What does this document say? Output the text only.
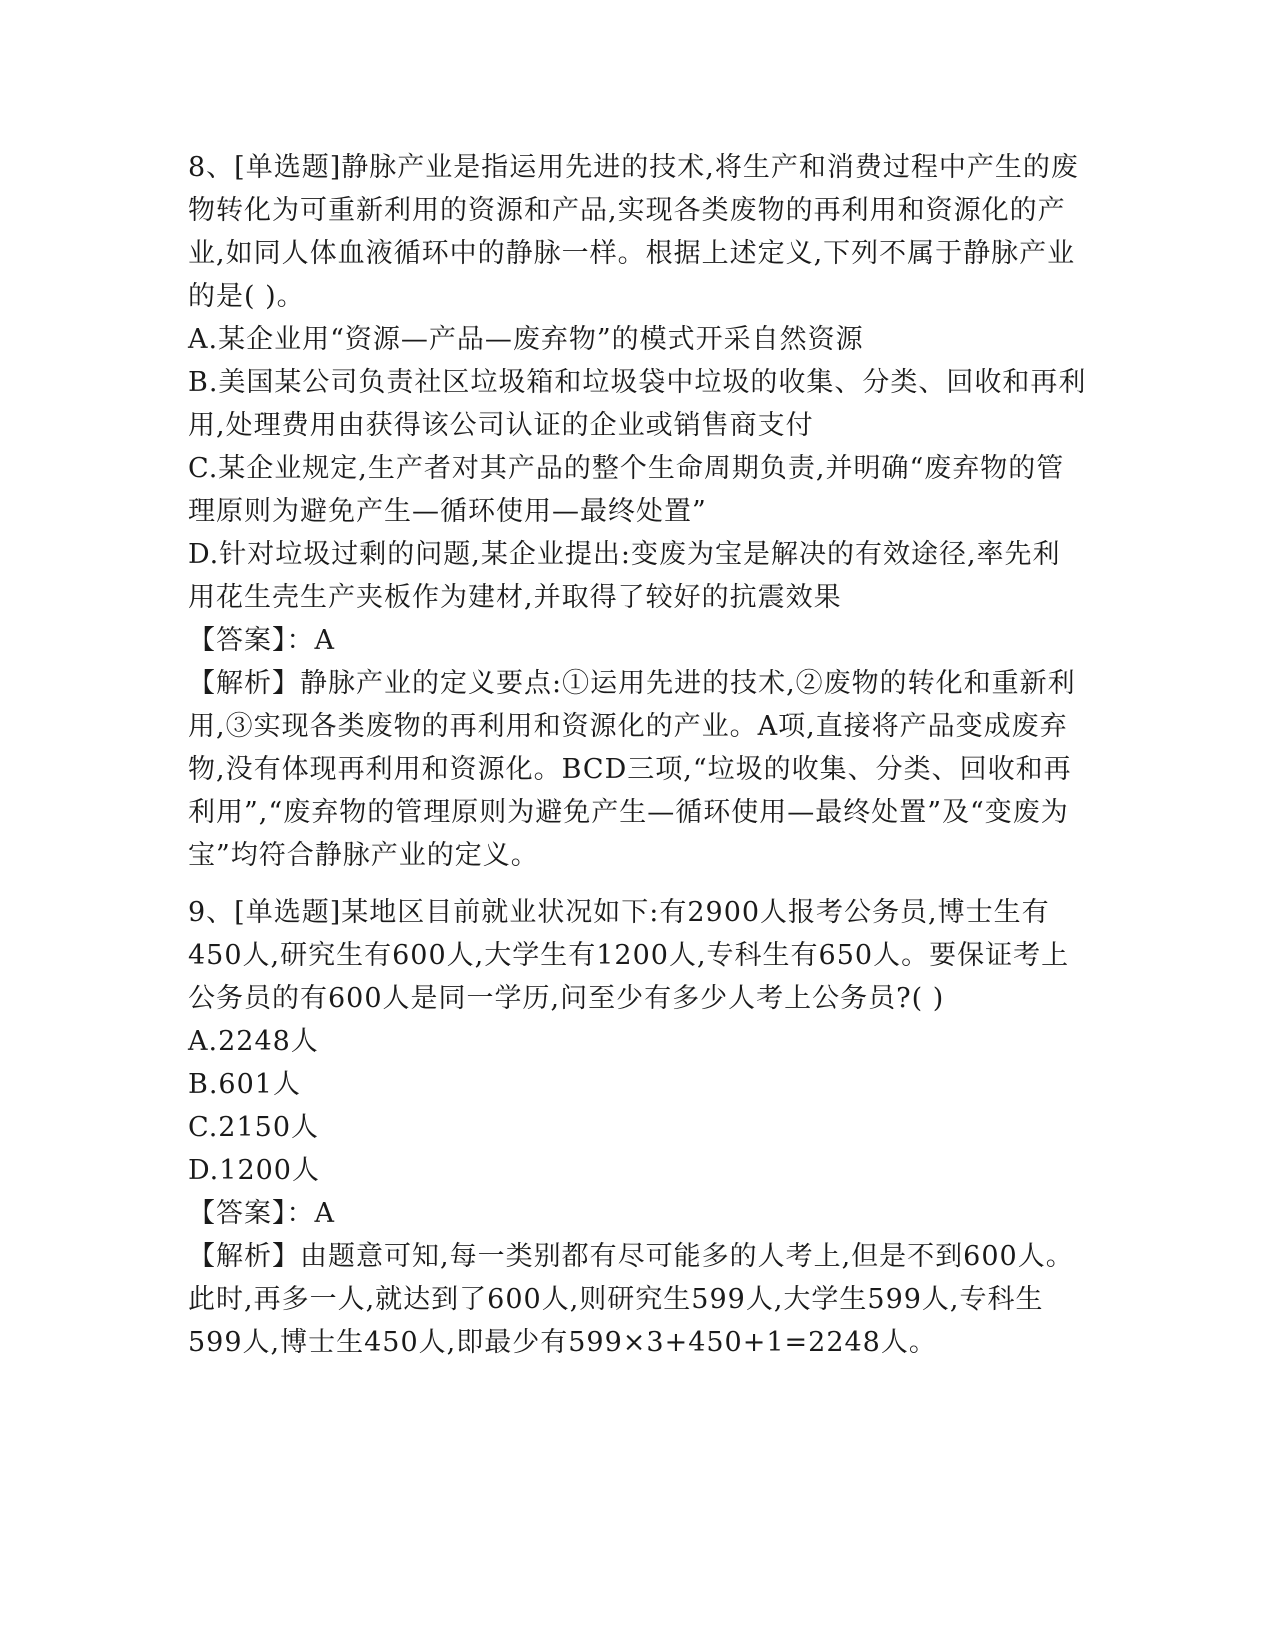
8、[单选题]静脉产业是指运用先进的技术,将生产和消费过程中产生的废物转化为可重新利用的资源和产品,实现各类废物的再利用和资源化的产业,如同人体血液循环中的静脉一样。根据上述定义,下列不属于静脉产业的是( )。

A.某企业用“资源—产品—废弃物”的模式开采自然资源

B.美国某公司负责社区垃圾箱和垃圾袋中垃圾的收集、分类、回收和再利用,处理费用由获得该公司认证的企业或销售商支付

C.某企业规定,生产者对其产品的整个生命周期负责,并明确“废弃物的管理原则为避免产生—循环使用—最终处置”

D.针对垃圾过剩的问题,某企业提出:变废为宝是解决的有效途径,率先利用花生壳生产夹板作为建材,并取得了较好的抗震效果

【答案】：A

【解析】静脉产业的定义要点:①运用先进的技术,②废物的转化和重新利用,③实现各类废物的再利用和资源化的产业。A项,直接将产品变成废弃物,没有体现再利用和资源化。BCD三项,“垃圾的收集、分类、回收和再利用”,“废弃物的管理原则为避免产生—循环使用—最终处置”及“变废为宝”均符合静脉产业的定义。

9、[单选题]某地区目前就业状况如下:有2900人报考公务员,博士生有450人,研究生有600人,大学生有1200人,专科生有650人。要保证考上公务员的有600人是同一学历,问至少有多少人考上公务员?( )

A.2248人

B.601人

C.2150人

D.1200人

【答案】：A

【解析】由题意可知,每一类别都有尽可能多的人考上,但是不到600人。此时,再多一人,就达到了600人,则研究生599人,大学生599人,专科生599人,博士生450人,即最少有599×3+450+1=2248人。
